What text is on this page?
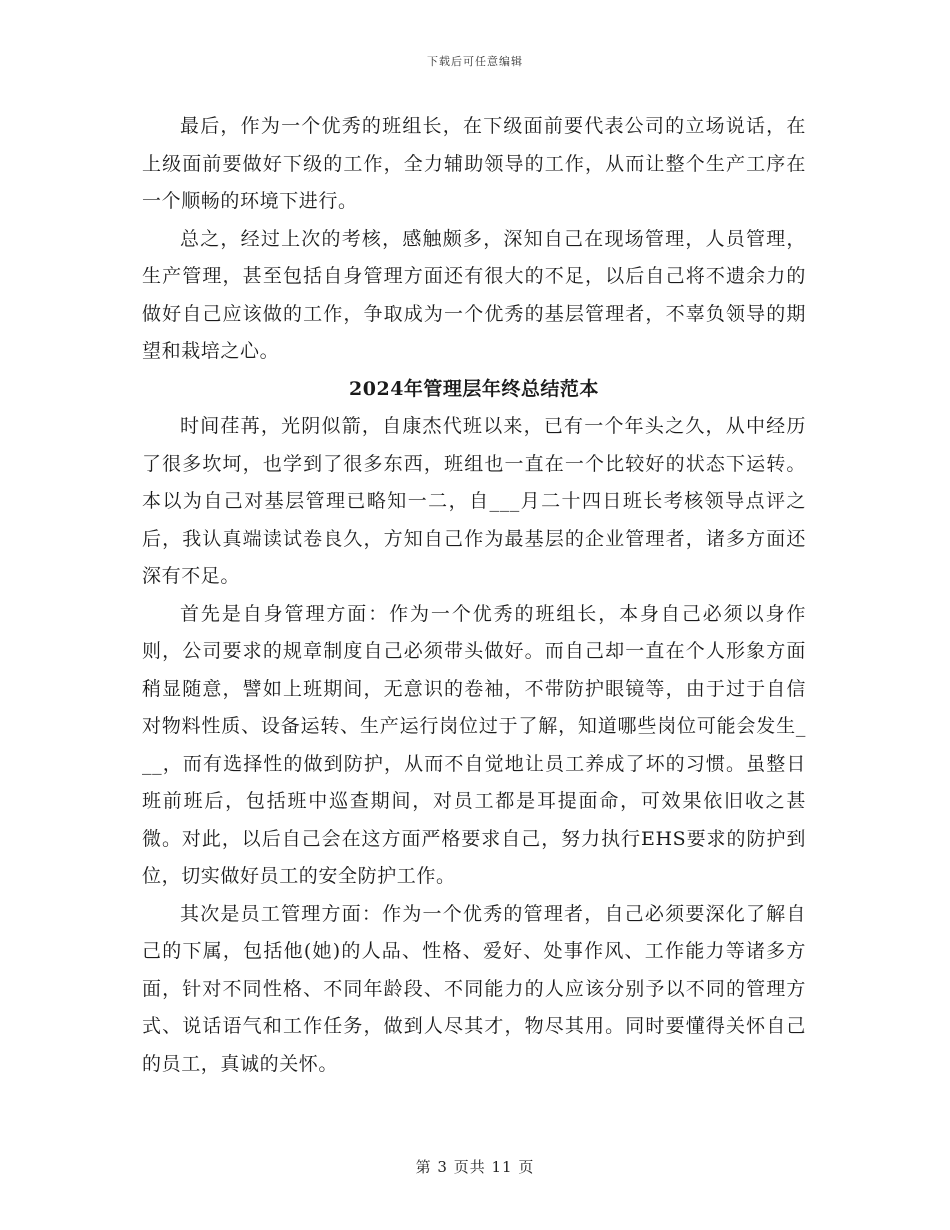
下载后可任意编辑

最后，作为一个优秀的班组长，在下级面前要代表公司的立场说话，在上级面前要做好下级的工作，全力辅助领导的工作，从而让整个生产工序在一个顺畅的环境下进行。

总之，经过上次的考核，感触颇多，深知自己在现场管理，人员管理，生产管理，甚至包括自身管理方面还有很大的不足，以后自己将不遗余力的做好自己应该做的工作，争取成为一个优秀的基层管理者，不辜负领导的期望和栽培之心。

2024年管理层年终总结范本

时间荏苒，光阴似箭，自康杰代班以来，已有一个年头之久，从中经历了很多坎坷，也学到了很多东西，班组也一直在一个比较好的状态下运转。本以为自己对基层管理已略知一二，自___月二十四日班长考核领导点评之后，我认真端读试卷良久，方知自己作为最基层的企业管理者，诸多方面还深有不足。

首先是自身管理方面：作为一个优秀的班组长，本身自己必须以身作则，公司要求的规章制度自己必须带头做好。而自己却一直在个人形象方面稍显随意，譬如上班期间，无意识的卷袖，不带防护眼镜等，由于过于自信对物料性质、设备运转、生产运行岗位过于了解，知道哪些岗位可能会发生___，而有选择性的做到防护，从而不自觉地让员工养成了坏的习惯。虽整日班前班后，包括班中巡查期间，对员工都是耳提面命，可效果依旧收之甚微。对此，以后自己会在这方面严格要求自己，努力执行EHS要求的防护到位，切实做好员工的安全防护工作。

其次是员工管理方面：作为一个优秀的管理者，自己必须要深化了解自己的下属，包括他(她)的人品、性格、爱好、处事作风、工作能力等诸多方面，针对不同性格、不同年龄段、不同能力的人应该分别予以不同的管理方式、说话语气和工作任务，做到人尽其才，物尽其用。同时要懂得关怀自己的员工，真诚的关怀。

第 3 页共 11 页
